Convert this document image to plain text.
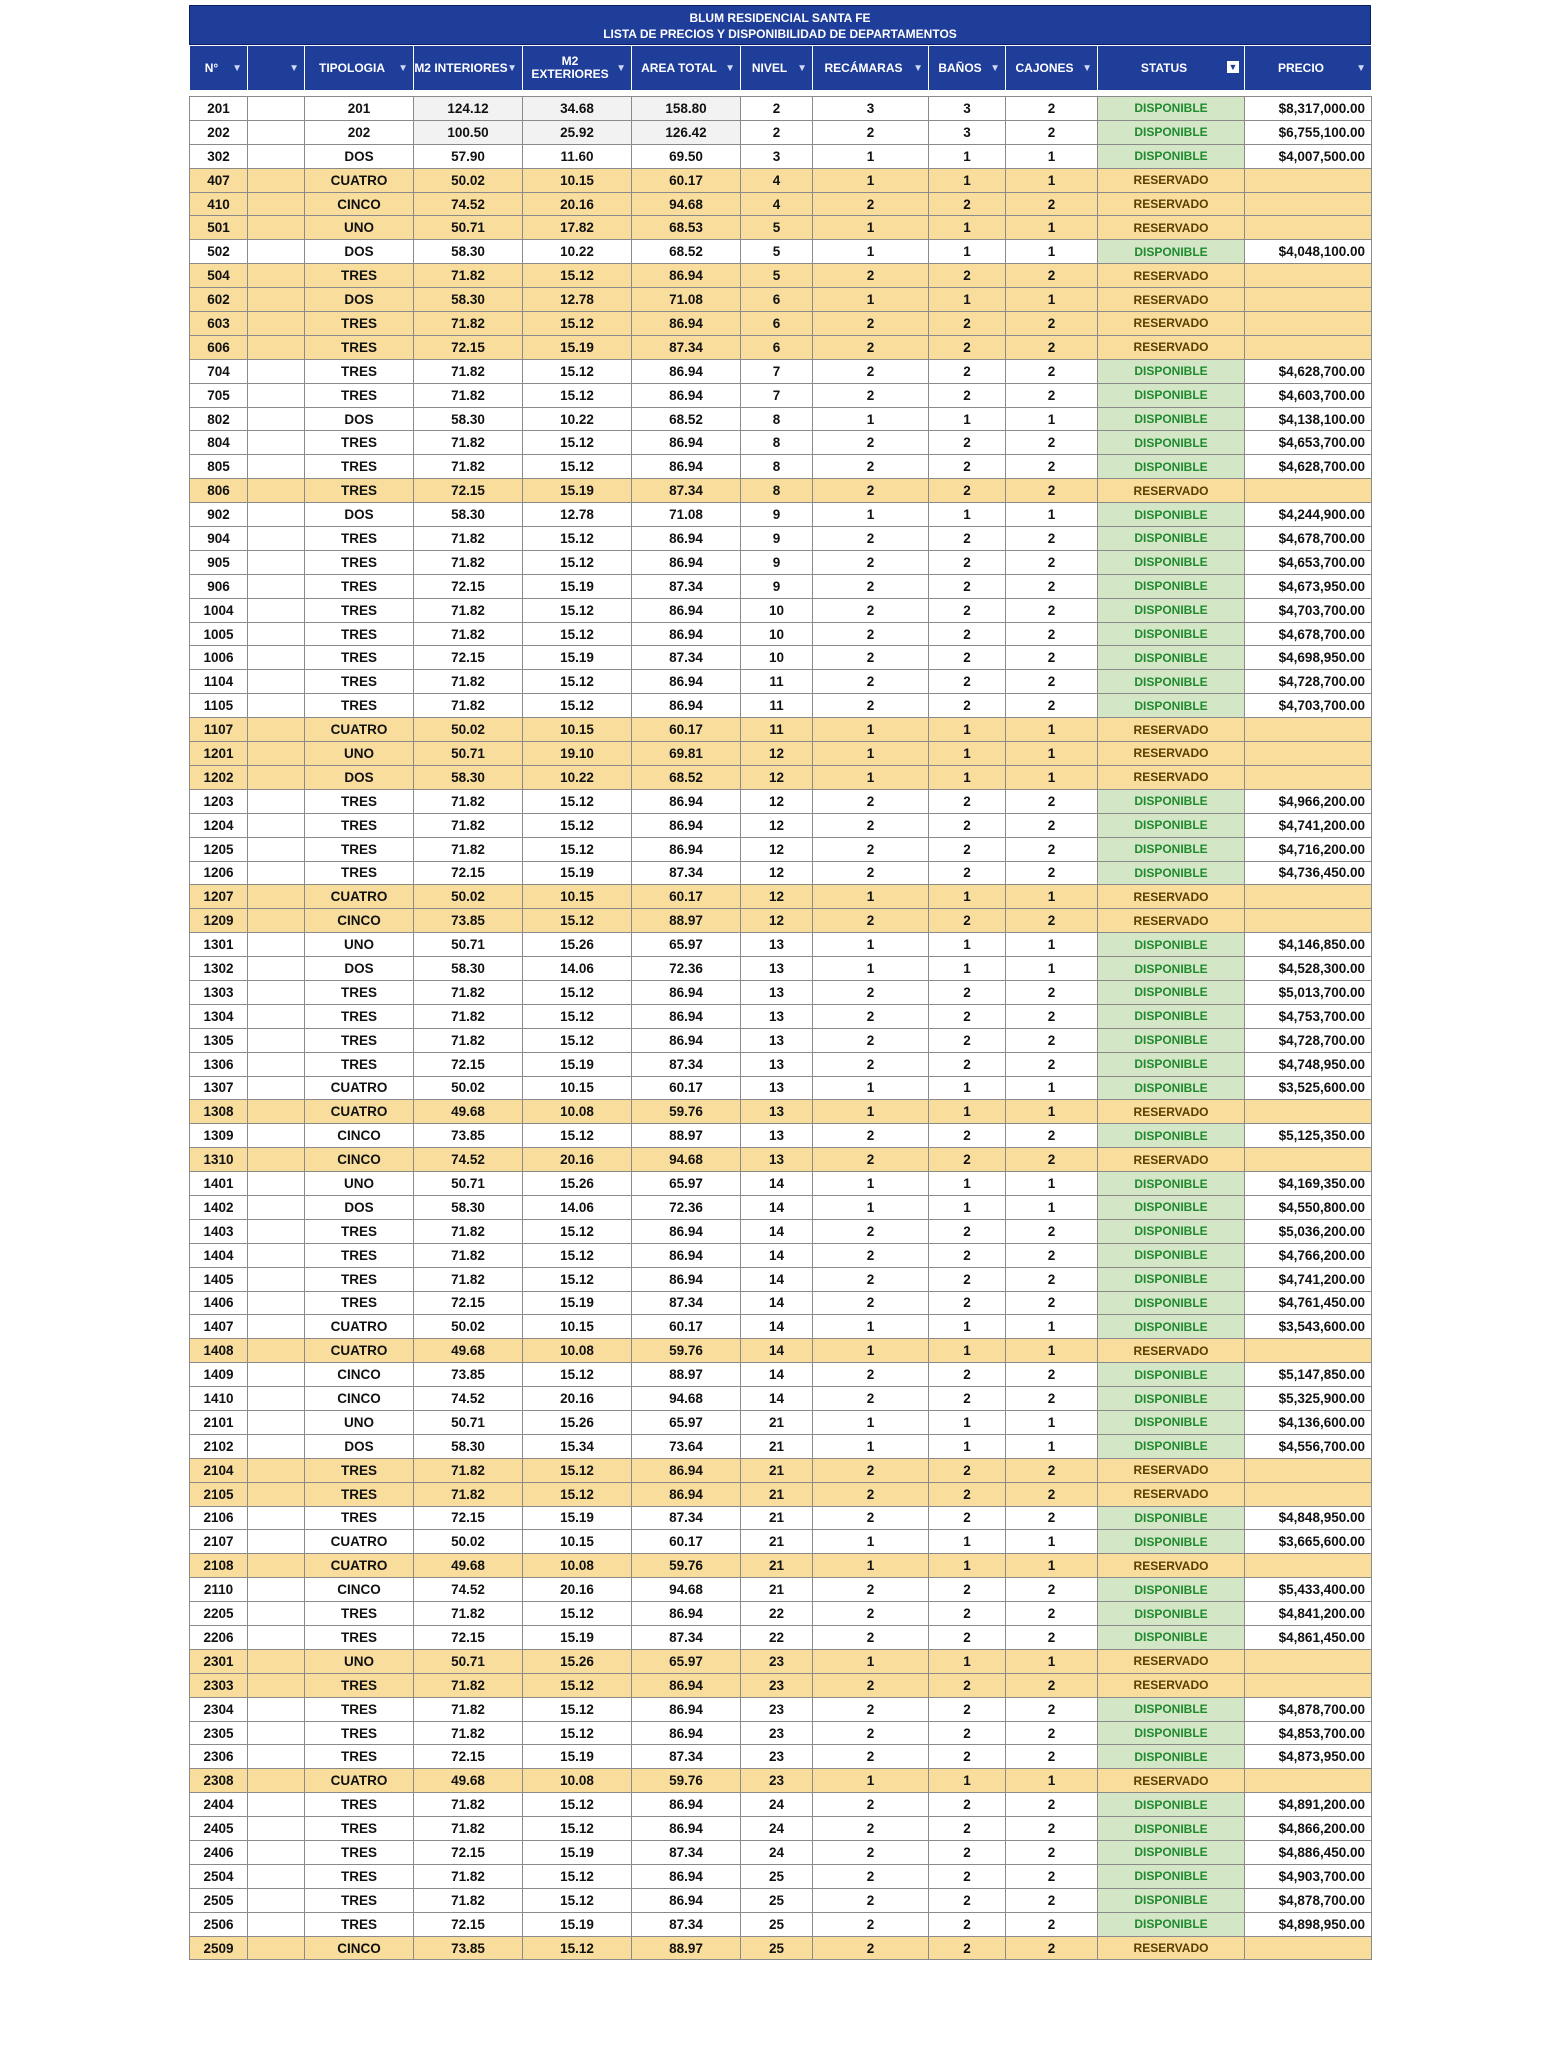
BLUM RESIDENCIAL SANTA FE
LISTA DE PRECIOS Y DISPONIBILIDAD DE DEPARTAMENTOS
N° ▼	▼	TIPOLOGIA ▼	M2 INTERIORES ▼	M2 EXTERIORES ▼	AREA TOTAL ▼	NIVEL ▼	RECÁMARAS ▼	BAÑOS ▼	CAJONES ▼	STATUS ▼	PRECIO ▼

201		201	124.12	34.68	158.80	2	3	3	2	DISPONIBLE	$8,317,000.00
202		202	100.50	25.92	126.42	2	2	3	2	DISPONIBLE	$6,755,100.00
302		DOS	57.90	11.60	69.50	3	1	1	1	DISPONIBLE	$4,007,500.00
407		CUATRO	50.02	10.15	60.17	4	1	1	1	RESERVADO	
410		CINCO	74.52	20.16	94.68	4	2	2	2	RESERVADO	
501		UNO	50.71	17.82	68.53	5	1	1	1	RESERVADO	
502		DOS	58.30	10.22	68.52	5	1	1	1	DISPONIBLE	$4,048,100.00
504		TRES	71.82	15.12	86.94	5	2	2	2	RESERVADO	
602		DOS	58.30	12.78	71.08	6	1	1	1	RESERVADO	
603		TRES	71.82	15.12	86.94	6	2	2	2	RESERVADO	
606		TRES	72.15	15.19	87.34	6	2	2	2	RESERVADO	
704		TRES	71.82	15.12	86.94	7	2	2	2	DISPONIBLE	$4,628,700.00
705		TRES	71.82	15.12	86.94	7	2	2	2	DISPONIBLE	$4,603,700.00
802		DOS	58.30	10.22	68.52	8	1	1	1	DISPONIBLE	$4,138,100.00
804		TRES	71.82	15.12	86.94	8	2	2	2	DISPONIBLE	$4,653,700.00
805		TRES	71.82	15.12	86.94	8	2	2	2	DISPONIBLE	$4,628,700.00
806		TRES	72.15	15.19	87.34	8	2	2	2	RESERVADO	
902		DOS	58.30	12.78	71.08	9	1	1	1	DISPONIBLE	$4,244,900.00
904		TRES	71.82	15.12	86.94	9	2	2	2	DISPONIBLE	$4,678,700.00
905		TRES	71.82	15.12	86.94	9	2	2	2	DISPONIBLE	$4,653,700.00
906		TRES	72.15	15.19	87.34	9	2	2	2	DISPONIBLE	$4,673,950.00
1004		TRES	71.82	15.12	86.94	10	2	2	2	DISPONIBLE	$4,703,700.00
1005		TRES	71.82	15.12	86.94	10	2	2	2	DISPONIBLE	$4,678,700.00
1006		TRES	72.15	15.19	87.34	10	2	2	2	DISPONIBLE	$4,698,950.00
1104		TRES	71.82	15.12	86.94	11	2	2	2	DISPONIBLE	$4,728,700.00
1105		TRES	71.82	15.12	86.94	11	2	2	2	DISPONIBLE	$4,703,700.00
1107		CUATRO	50.02	10.15	60.17	11	1	1	1	RESERVADO	
1201		UNO	50.71	19.10	69.81	12	1	1	1	RESERVADO	
1202		DOS	58.30	10.22	68.52	12	1	1	1	RESERVADO	
1203		TRES	71.82	15.12	86.94	12	2	2	2	DISPONIBLE	$4,966,200.00
1204		TRES	71.82	15.12	86.94	12	2	2	2	DISPONIBLE	$4,741,200.00
1205		TRES	71.82	15.12	86.94	12	2	2	2	DISPONIBLE	$4,716,200.00
1206		TRES	72.15	15.19	87.34	12	2	2	2	DISPONIBLE	$4,736,450.00
1207		CUATRO	50.02	10.15	60.17	12	1	1	1	RESERVADO	
1209		CINCO	73.85	15.12	88.97	12	2	2	2	RESERVADO	
1301		UNO	50.71	15.26	65.97	13	1	1	1	DISPONIBLE	$4,146,850.00
1302		DOS	58.30	14.06	72.36	13	1	1	1	DISPONIBLE	$4,528,300.00
1303		TRES	71.82	15.12	86.94	13	2	2	2	DISPONIBLE	$5,013,700.00
1304		TRES	71.82	15.12	86.94	13	2	2	2	DISPONIBLE	$4,753,700.00
1305		TRES	71.82	15.12	86.94	13	2	2	2	DISPONIBLE	$4,728,700.00
1306		TRES	72.15	15.19	87.34	13	2	2	2	DISPONIBLE	$4,748,950.00
1307		CUATRO	50.02	10.15	60.17	13	1	1	1	DISPONIBLE	$3,525,600.00
1308		CUATRO	49.68	10.08	59.76	13	1	1	1	RESERVADO	
1309		CINCO	73.85	15.12	88.97	13	2	2	2	DISPONIBLE	$5,125,350.00
1310		CINCO	74.52	20.16	94.68	13	2	2	2	RESERVADO	
1401		UNO	50.71	15.26	65.97	14	1	1	1	DISPONIBLE	$4,169,350.00
1402		DOS	58.30	14.06	72.36	14	1	1	1	DISPONIBLE	$4,550,800.00
1403		TRES	71.82	15.12	86.94	14	2	2	2	DISPONIBLE	$5,036,200.00
1404		TRES	71.82	15.12	86.94	14	2	2	2	DISPONIBLE	$4,766,200.00
1405		TRES	71.82	15.12	86.94	14	2	2	2	DISPONIBLE	$4,741,200.00
1406		TRES	72.15	15.19	87.34	14	2	2	2	DISPONIBLE	$4,761,450.00
1407		CUATRO	50.02	10.15	60.17	14	1	1	1	DISPONIBLE	$3,543,600.00
1408		CUATRO	49.68	10.08	59.76	14	1	1	1	RESERVADO	
1409		CINCO	73.85	15.12	88.97	14	2	2	2	DISPONIBLE	$5,147,850.00
1410		CINCO	74.52	20.16	94.68	14	2	2	2	DISPONIBLE	$5,325,900.00
2101		UNO	50.71	15.26	65.97	21	1	1	1	DISPONIBLE	$4,136,600.00
2102		DOS	58.30	15.34	73.64	21	1	1	1	DISPONIBLE	$4,556,700.00
2104		TRES	71.82	15.12	86.94	21	2	2	2	RESERVADO	
2105		TRES	71.82	15.12	86.94	21	2	2	2	RESERVADO	
2106		TRES	72.15	15.19	87.34	21	2	2	2	DISPONIBLE	$4,848,950.00
2107		CUATRO	50.02	10.15	60.17	21	1	1	1	DISPONIBLE	$3,665,600.00
2108		CUATRO	49.68	10.08	59.76	21	1	1	1	RESERVADO	
2110		CINCO	74.52	20.16	94.68	21	2	2	2	DISPONIBLE	$5,433,400.00
2205		TRES	71.82	15.12	86.94	22	2	2	2	DISPONIBLE	$4,841,200.00
2206		TRES	72.15	15.19	87.34	22	2	2	2	DISPONIBLE	$4,861,450.00
2301		UNO	50.71	15.26	65.97	23	1	1	1	RESERVADO	
2303		TRES	71.82	15.12	86.94	23	2	2	2	RESERVADO	
2304		TRES	71.82	15.12	86.94	23	2	2	2	DISPONIBLE	$4,878,700.00
2305		TRES	71.82	15.12	86.94	23	2	2	2	DISPONIBLE	$4,853,700.00
2306		TRES	72.15	15.19	87.34	23	2	2	2	DISPONIBLE	$4,873,950.00
2308		CUATRO	49.68	10.08	59.76	23	1	1	1	RESERVADO	
2404		TRES	71.82	15.12	86.94	24	2	2	2	DISPONIBLE	$4,891,200.00
2405		TRES	71.82	15.12	86.94	24	2	2	2	DISPONIBLE	$4,866,200.00
2406		TRES	72.15	15.19	87.34	24	2	2	2	DISPONIBLE	$4,886,450.00
2504		TRES	71.82	15.12	86.94	25	2	2	2	DISPONIBLE	$4,903,700.00
2505		TRES	71.82	15.12	86.94	25	2	2	2	DISPONIBLE	$4,878,700.00
2506		TRES	72.15	15.19	87.34	25	2	2	2	DISPONIBLE	$4,898,950.00
2509		CINCO	73.85	15.12	88.97	25	2	2	2	RESERVADO	
